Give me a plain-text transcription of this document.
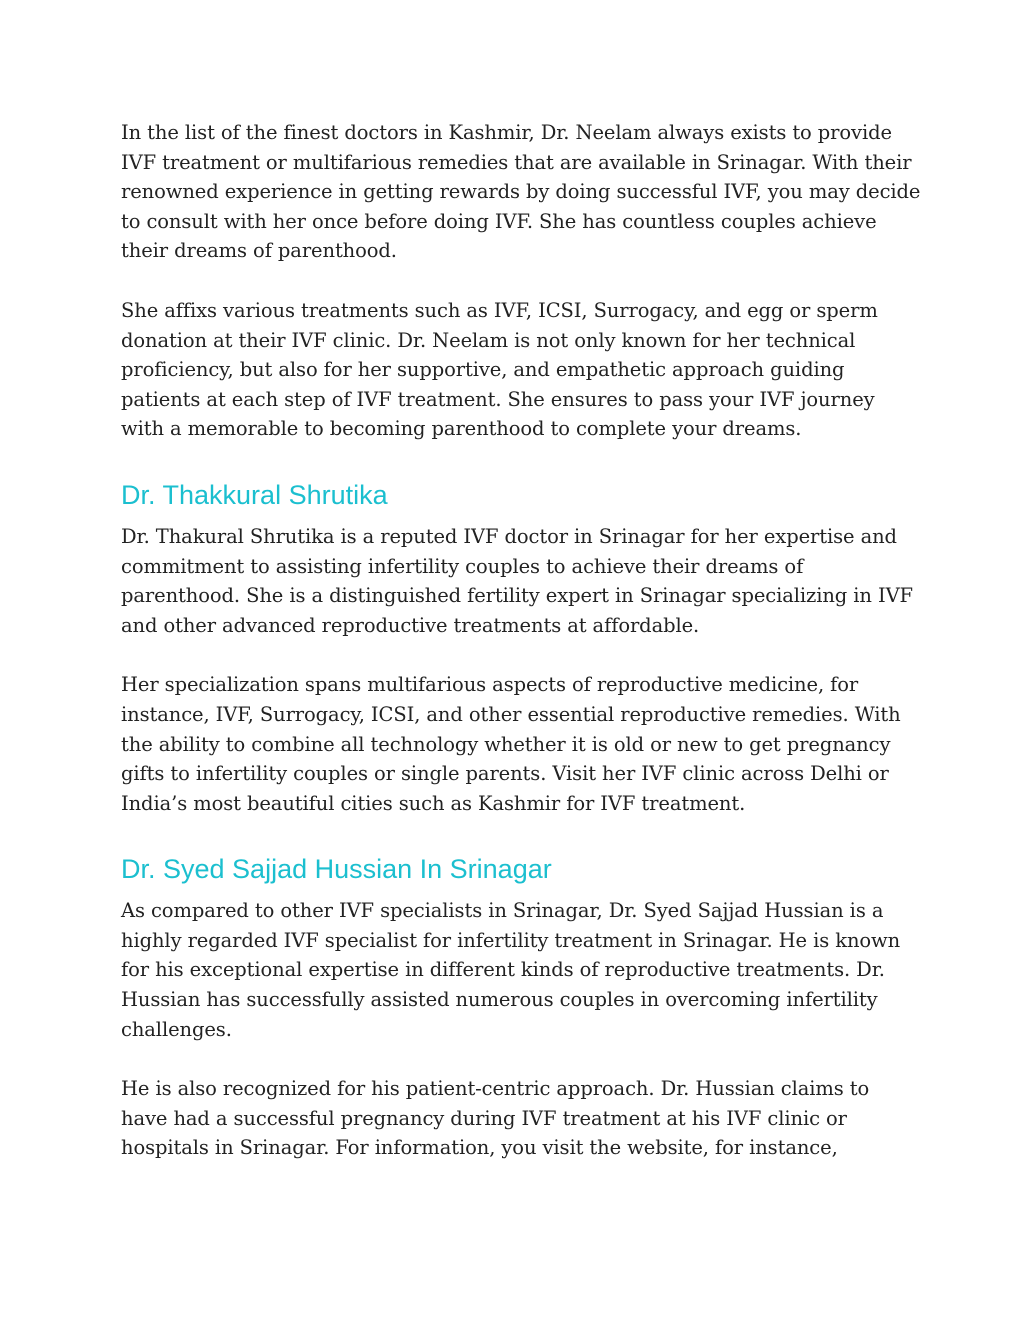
In the list of the finest doctors in Kashmir, Dr. Neelam always exists to provide IVF treatment or multifarious remedies that are available in Srinagar. With their renowned experience in getting rewards by doing successful IVF, you may decide to consult with her once before doing IVF. She has countless couples achieve their dreams of parenthood.

She affixs various treatments such as IVF, ICSI, Surrogacy, and egg or sperm donation at their IVF clinic. Dr. Neelam is not only known for her technical proficiency, but also for her supportive, and empathetic approach guiding patients at each step of IVF treatment. She ensures to pass your IVF journey with a memorable to becoming parenthood to complete your dreams.

Dr. Thakkural Shrutika

Dr. Thakural Shrutika is a reputed IVF doctor in Srinagar for her expertise and commitment to assisting infertility couples to achieve their dreams of parenthood. She is a distinguished fertility expert in Srinagar specializing in IVF and other advanced reproductive treatments at affordable.

Her specialization spans multifarious aspects of reproductive medicine, for instance, IVF, Surrogacy, ICSI, and other essential reproductive remedies. With the ability to combine all technology whether it is old or new to get pregnancy gifts to infertility couples or single parents. Visit her IVF clinic across Delhi or India’s most beautiful cities such as Kashmir for IVF treatment.

Dr. Syed Sajjad Hussian In Srinagar

As compared to other IVF specialists in Srinagar, Dr. Syed Sajjad Hussian is a highly regarded IVF specialist for infertility treatment in Srinagar. He is known for his exceptional expertise in different kinds of reproductive treatments. Dr. Hussian has successfully assisted numerous couples in overcoming infertility challenges.

He is also recognized for his patient-centric approach. Dr. Hussian claims to have had a successful pregnancy during IVF treatment at his IVF clinic or hospitals in Srinagar. For information, you visit the website, for instance,
